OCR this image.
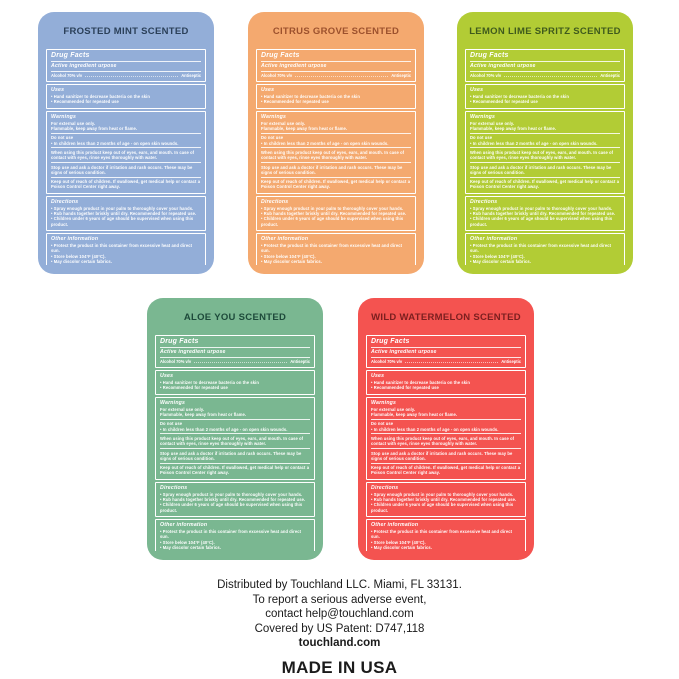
FROSTED MINT SCENTED
Drug Facts
Active ingredient urpose
Alcohol 70% v/v	Antiseptic
Uses
• Hand sanitizer to decrease bacteria on the skin
• Recommended for repeated use
Warnings
For external use only.
Flammable, keep away from heat or flame.
Do not use
• In children less than 2 months of age - on open skin wounds.
When using this product keep out of eyes, ears, and mouth. In case of contact with eyes, rinse eyes thoroughly with water.
Stop use and ask a doctor if irritation and rash occurs. These may be signs of serious condition.
Keep out of reach of children. If swallowed, get medical help or contact a Poison Control Center right away.
Directions
• Spray enough product in your palm to thoroughly cover your hands.
• Rub hands together briskly until dry. Recommended for repeated use.
• Children under 6 years of age should be supervised when using this product.
Other information
• Protect the product in this container from excessive heat and direct sun.
• Store below 104°F (40°C).
• May discolor certain fabrics.
CITRUS GROVE SCENTED
Drug Facts
Active ingredient urpose
Alcohol 70% v/v	Antiseptic
Uses
• Hand sanitizer to decrease bacteria on the skin
• Recommended for repeated use
Warnings
For external use only.
Flammable, keep away from heat or flame.
Do not use
• In children less than 2 months of age - on open skin wounds.
When using this product keep out of eyes, ears, and mouth. In case of contact with eyes, rinse eyes thoroughly with water.
Stop use and ask a doctor if irritation and rash occurs. These may be signs of serious condition.
Keep out of reach of children. If swallowed, get medical help or contact a Poison Control Center right away.
Directions
• Spray enough product in your palm to thoroughly cover your hands.
• Rub hands together briskly until dry. Recommended for repeated use.
• Children under 6 years of age should be supervised when using this product.
Other information
• Protect the product in this container from excessive heat and direct sun.
• Store below 104°F (40°C).
• May discolor certain fabrics.
LEMON LIME SPRITZ SCENTED
Drug Facts
Active ingredient urpose
Alcohol 70% v/v	Antiseptic
Uses
• Hand sanitizer to decrease bacteria on the skin
• Recommended for repeated use
Warnings
For external use only.
Flammable, keep away from heat or flame.
Do not use
• In children less than 2 months of age - on open skin wounds.
When using this product keep out of eyes, ears, and mouth. In case of contact with eyes, rinse eyes thoroughly with water.
Stop use and ask a doctor if irritation and rash occurs. These may be signs of serious condition.
Keep out of reach of children. If swallowed, get medical help or contact a Poison Control Center right away.
Directions
• Spray enough product in your palm to thoroughly cover your hands.
• Rub hands together briskly until dry. Recommended for repeated use.
• Children under 6 years of age should be supervised when using this product.
Other information
• Protect the product in this container from excessive heat and direct sun.
• Store below 104°F (40°C).
• May discolor certain fabrics.
ALOE YOU SCENTED
Drug Facts
Active ingredient urpose
Alcohol 70% v/v	Antiseptic
Uses
• Hand sanitizer to decrease bacteria on the skin
• Recommended for repeated use
Warnings
For external use only.
Flammable, keep away from heat or flame.
Do not use
• In children less than 2 months of age - on open skin wounds.
When using this product keep out of eyes, ears, and mouth. In case of contact with eyes, rinse eyes thoroughly with water.
Stop use and ask a doctor if irritation and rash occurs. These may be signs of serious condition.
Keep out of reach of children. If swallowed, get medical help or contact a Poison Control Center right away.
Directions
• Spray enough product in your palm to thoroughly cover your hands.
• Rub hands together briskly until dry. Recommended for repeated use.
• Children under 6 years of age should be supervised when using this product.
Other information
• Protect the product in this container from excessive heat and direct sun.
• Store below 104°F (40°C).
• May discolor certain fabrics.
WILD WATERMELON SCENTED
Drug Facts
Active ingredient urpose
Alcohol 70% v/v	Antiseptic
Uses
• Hand sanitizer to decrease bacteria on the skin
• Recommended for repeated use
Warnings
For external use only.
Flammable, keep away from heat or flame.
Do not use
• In children less than 2 months of age - on open skin wounds.
When using this product keep out of eyes, ears, and mouth. In case of contact with eyes, rinse eyes thoroughly with water.
Stop use and ask a doctor if irritation and rash occurs. These may be signs of serious condition.
Keep out of reach of children. If swallowed, get medical help or contact a Poison Control Center right away.
Directions
• Spray enough product in your palm to thoroughly cover your hands.
• Rub hands together briskly until dry. Recommended for repeated use.
• Children under 6 years of age should be supervised when using this product.
Other information
• Protect the product in this container from excessive heat and direct sun.
• Store below 104°F (40°C).
• May discolor certain fabrics.
Distributed by Touchland LLC. Miami, FL 33131.
To report a serious adverse event,
contact help@touchland.com
Covered by US Patent: D747,118
touchland.com
MADE IN USA
